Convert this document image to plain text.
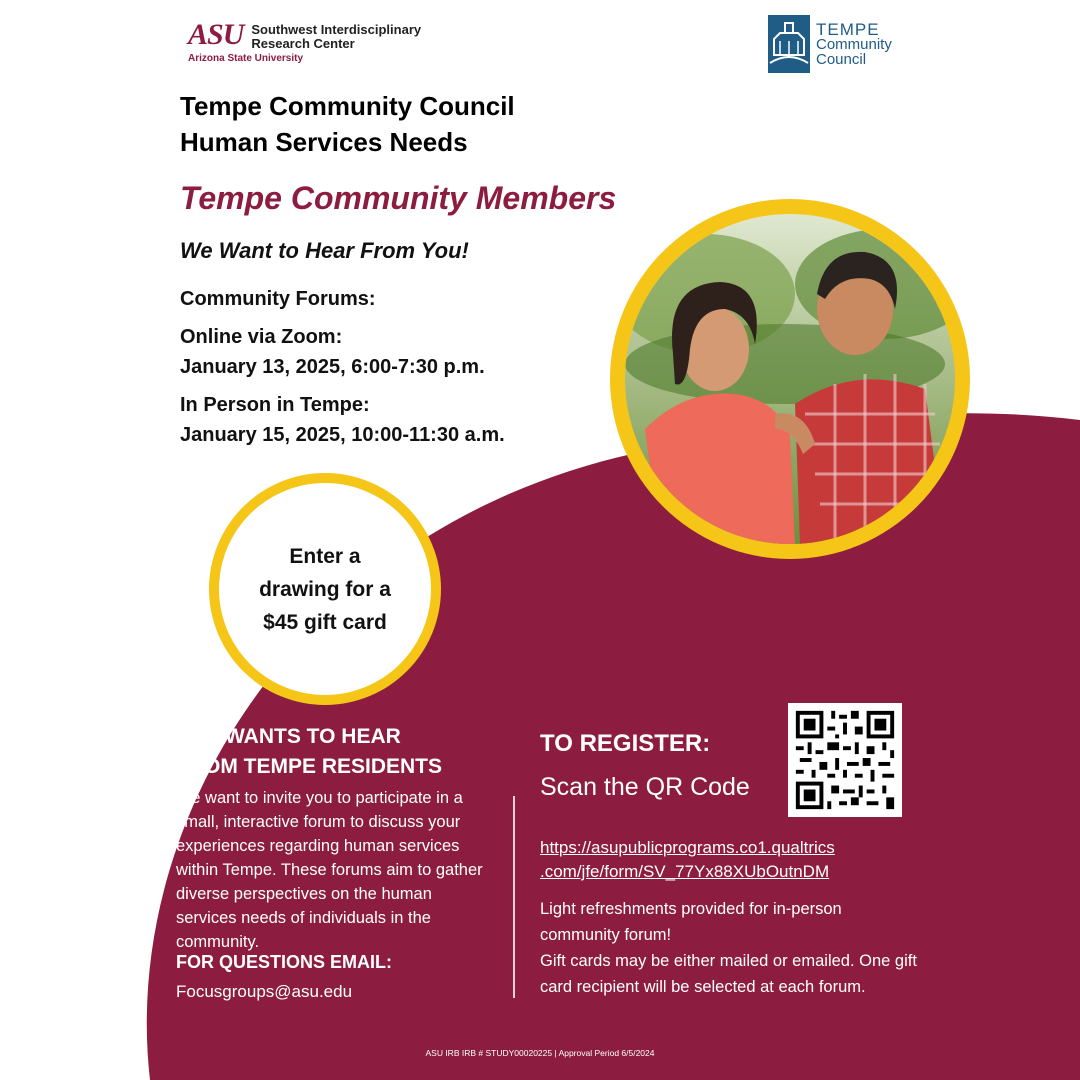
ASU Southwest Interdisciplinary
Research Center
Arizona State University
TEMPE
Community
Council
Tempe Community Council
Human Services Needs
Tempe Community Members
We Want to Hear From You!
Community Forums:
Online via Zoom:
January 13, 2025, 6:00-7:30 p.m.
In Person in Tempe:
January 15, 2025, 10:00-11:30 a.m.
Enter a
drawing for a
$45 gift card
TCC WANTS TO HEAR
FROM TEMPE RESIDENTS
We want to invite you to participate in a small, interactive forum to discuss your experiences regarding human services within Tempe. These forums aim to gather diverse perspectives on the human services needs of individuals in the community.
FOR QUESTIONS EMAIL:
Focusgroups@asu.edu
TO REGISTER:
Scan the QR Code
https://asupublicprograms.co1.qualtrics
.com/jfe/form/SV_77Yx88XUbOutnDM
Light refreshments provided for in-person community forum!
Gift cards may be either mailed or emailed. One gift card recipient will be selected at each forum.
ASU IRB IRB # STUDY00020225 | Approval Period 6/5/2024
